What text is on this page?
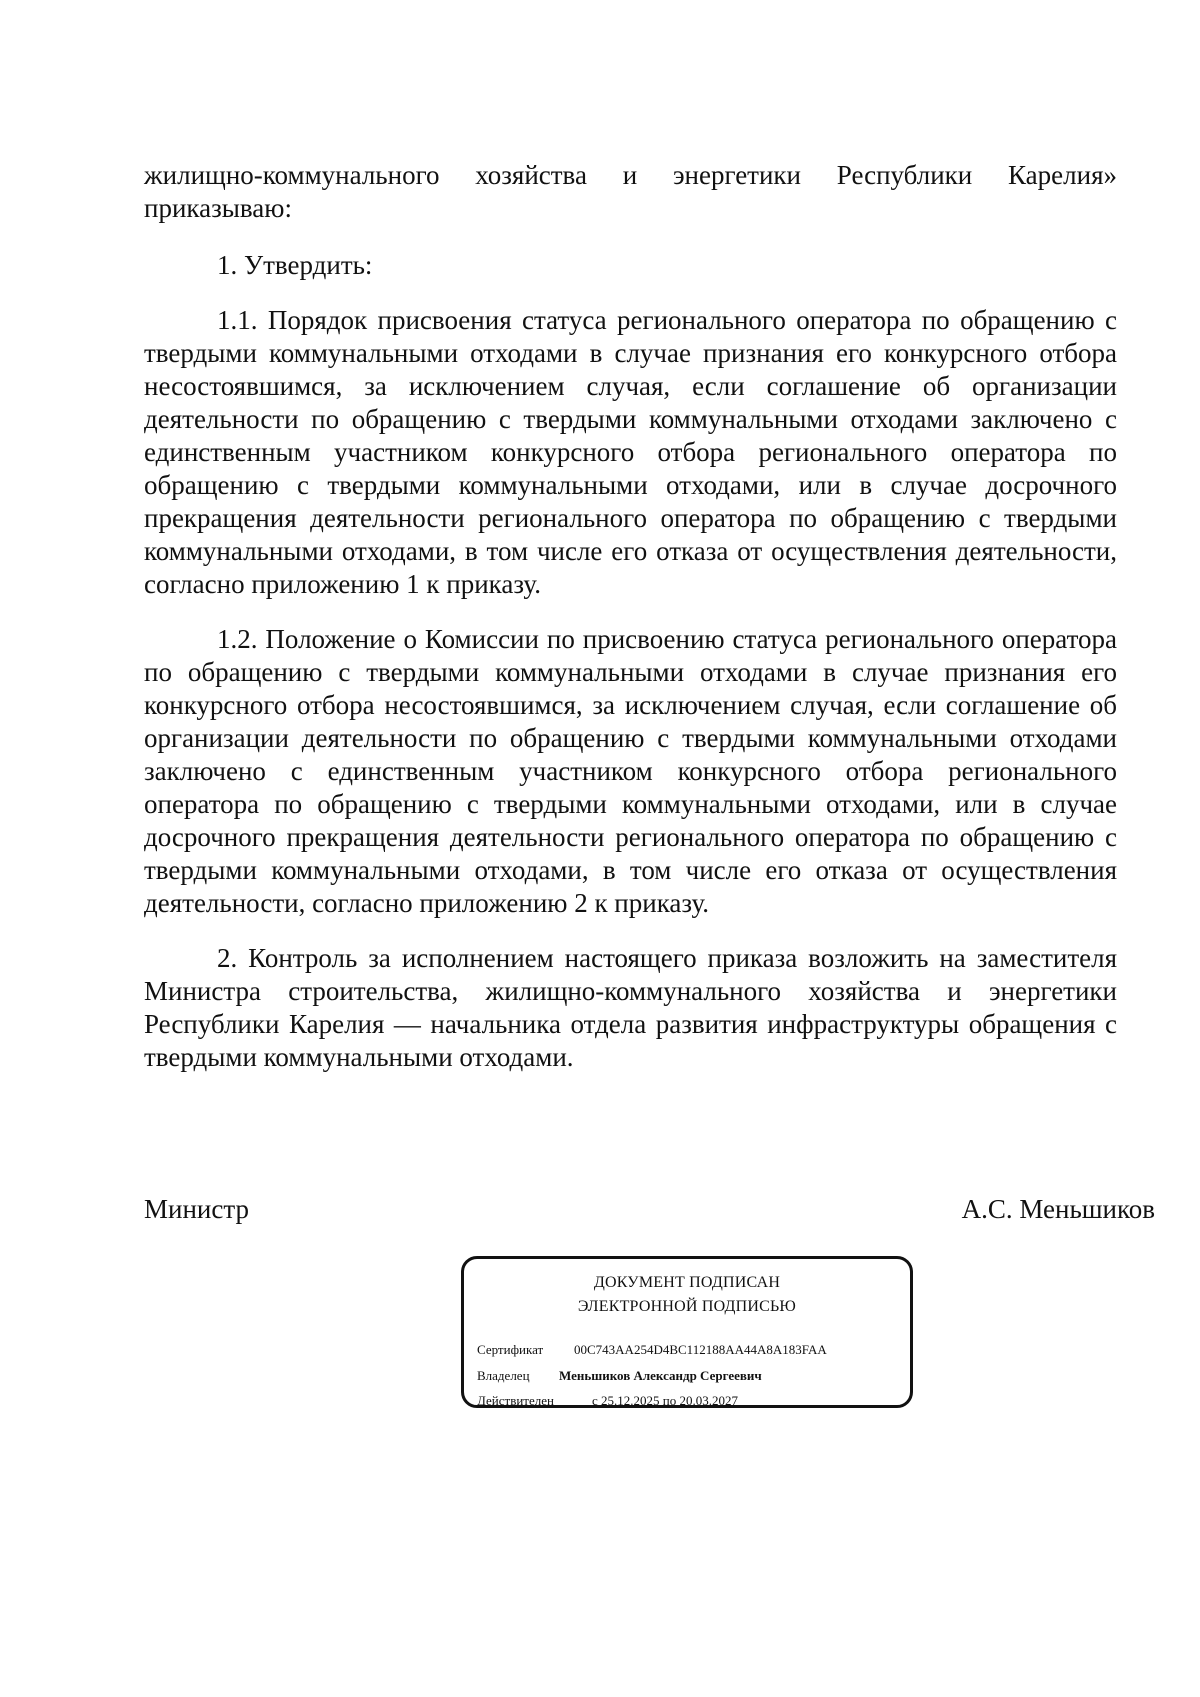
жилищно-коммунального хозяйства и энергетики Республики Карелия» приказываю:

1. Утвердить:

1.1. Порядок присвоения статуса регионального оператора по обращению с твердыми коммунальными отходами в случае признания его конкурсного отбора несостоявшимся, за исключением случая, если соглашение об организации деятельности по обращению с твердыми коммунальными отходами заключено с единственным участником конкурсного отбора регионального оператора по обращению с твердыми коммунальными отходами, или в случае досрочного прекращения деятельности регионального оператора по обращению с твердыми коммунальными отходами, в том числе его отказа от осуществления деятельности, согласно приложению 1 к приказу.

1.2. Положение о Комиссии по присвоению статуса регионального оператора по обращению с твердыми коммунальными отходами в случае признания его конкурсного отбора несостоявшимся, за исключением случая, если соглашение об организации деятельности по обращению с твердыми коммунальными отходами заключено с единственным участником конкурсного отбора регионального оператора по обращению с твердыми коммунальными отходами, или в случае досрочного прекращения деятельности регионального оператора по обращению с твердыми коммунальными отходами, в том числе его отказа от осуществления деятельности, согласно приложению 2 к приказу.

2. Контроль за исполнением настоящего приказа возложить на заместителя Министра строительства, жилищно-коммунального хозяйства и энергетики Республики Карелия — начальника отдела развития инфраструктуры обращения с твердыми коммунальными отходами.

Министр	А.С. Меньшиков
ДОКУМЕНТ ПОДПИСАН
ЭЛЕКТРОННОЙ ПОДПИСЬЮ
Сертификат 00C743AA254D4BC112188AA44A8A183FAA
Владелец Меньшиков Александр Сергеевич
Действителен	с 25.12.2025 по 20.03.2027
